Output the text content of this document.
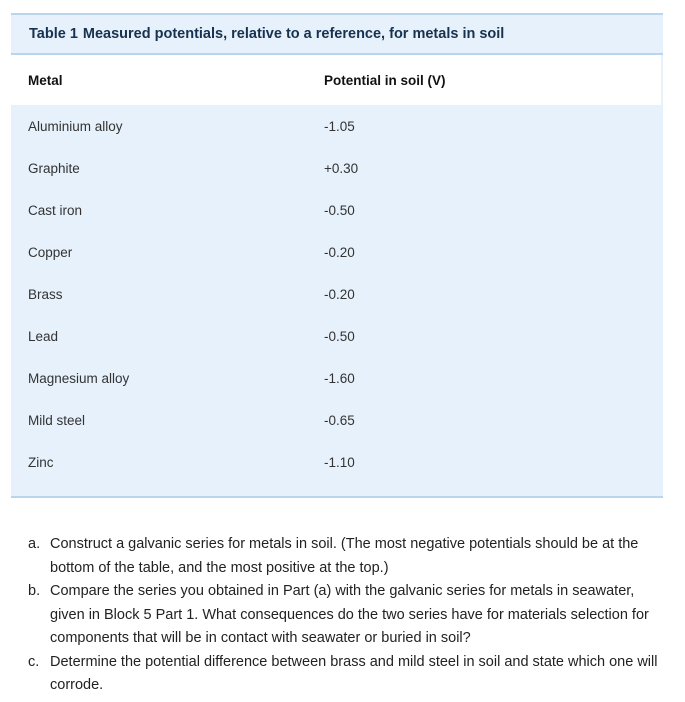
Table 1 Measured potentials, relative to a reference, for metals in soil
Metal	Potential in soil (V)
Aluminium alloy	-1.05
Graphite	+0.30
Cast iron	-0.50
Copper	-0.20
Brass	-0.20
Lead	-0.50
Magnesium alloy	-1.60
Mild steel	-0.65
Zinc	-1.10
a. Construct a galvanic series for metals in soil. (The most negative potentials should be at the bottom of the table, and the most positive at the top.)
b. Compare the series you obtained in Part (a) with the galvanic series for metals in seawater, given in Block 5 Part 1. What consequences do the two series have for materials selection for components that will be in contact with seawater or buried in soil?
c. Determine the potential difference between brass and mild steel in soil and state which one will corrode.
